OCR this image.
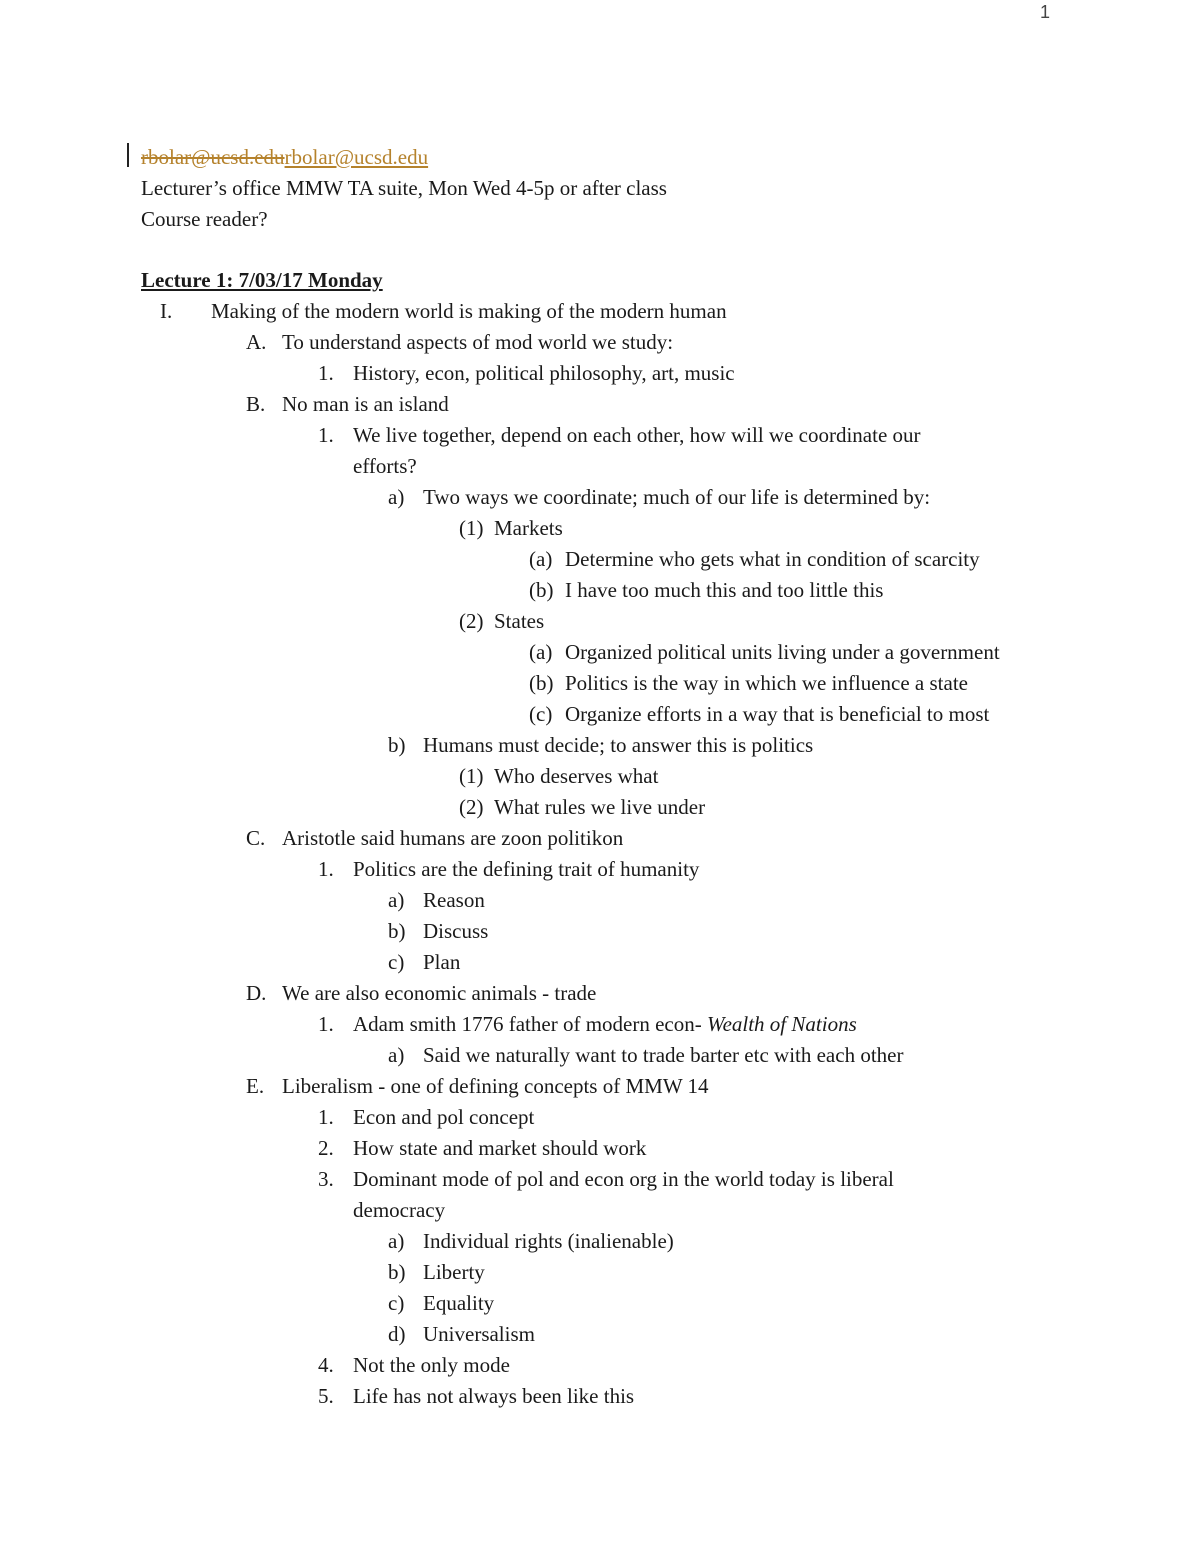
1
rbolar@ucsd.edurbolar@ucsd.edu
Lecturer’s office MMW TA suite, Mon Wed 4-5p or after class
Course reader?
Lecture 1: 7/03/17 Monday
I. Making of the modern world is making of the modern human
A. To understand aspects of mod world we study:
1. History, econ, political philosophy, art, music
B. No man is an island
1. We live together, depend on each other, how will we coordinate our
efforts?
a) Two ways we coordinate; much of our life is determined by:
(1) Markets
(a) Determine who gets what in condition of scarcity
(b) I have too much this and too little this
(2) States
(a) Organized political units living under a government
(b) Politics is the way in which we influence a state
(c) Organize efforts in a way that is beneficial to most
b) Humans must decide; to answer this is politics
(1) Who deserves what
(2) What rules we live under
C. Aristotle said humans are zoon politikon
1. Politics are the defining trait of humanity
a) Reason
b) Discuss
c) Plan
D. We are also economic animals - trade
1. Adam smith 1776 father of modern econ- Wealth of Nations
a) Said we naturally want to trade barter etc with each other
E. Liberalism - one of defining concepts of MMW 14
1. Econ and pol concept
2. How state and market should work
3. Dominant mode of pol and econ org in the world today is liberal
democracy
a) Individual rights (inalienable)
b) Liberty
c) Equality
d) Universalism
4. Not the only mode
5. Life has not always been like this
